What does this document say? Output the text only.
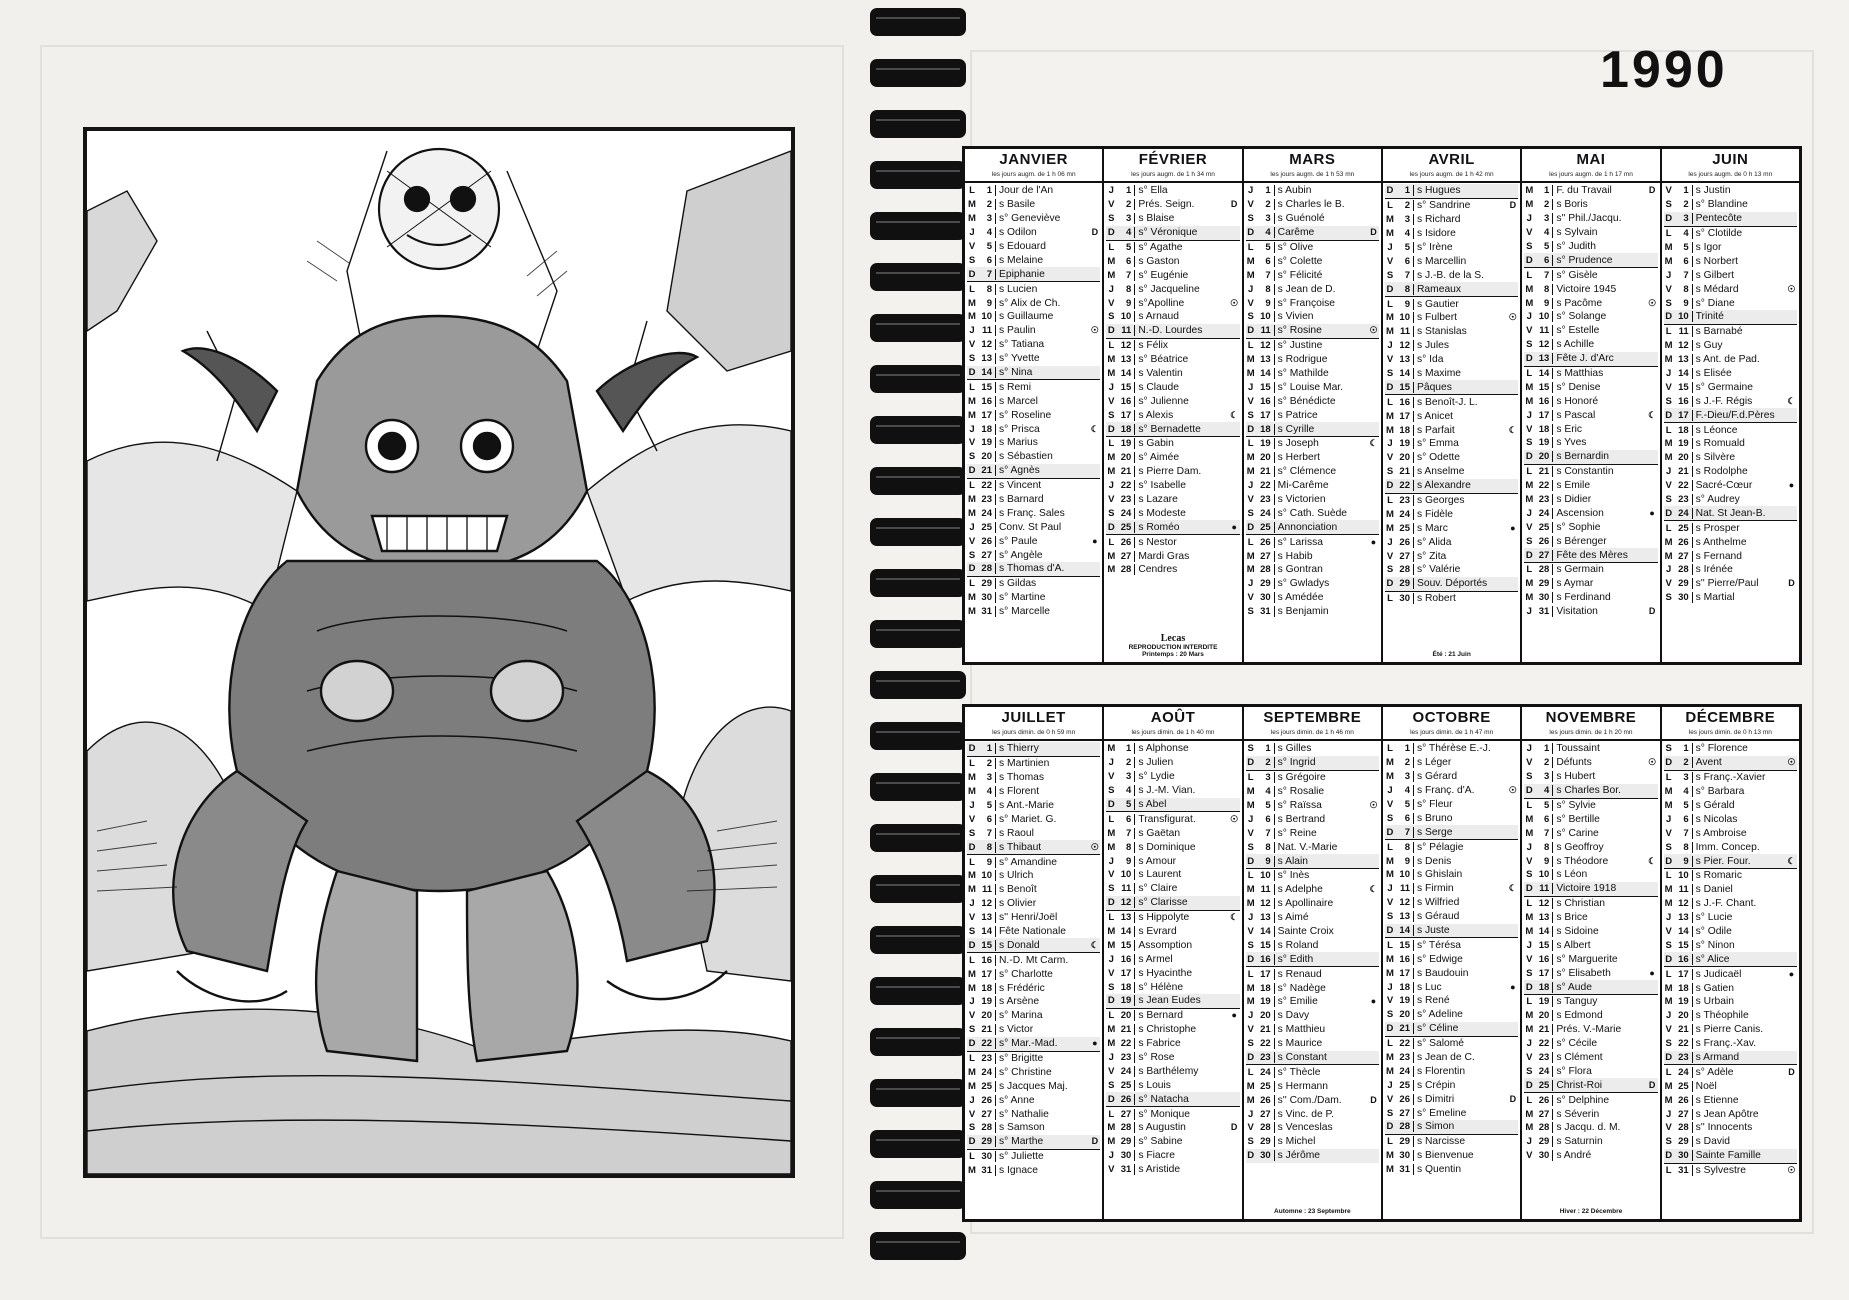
1990
JANVIER
les jours augm. de 1 h 06 mn
L	1 Jour de l'An
M	2 s Basile
M	3 s° Geneviève
J	4 s Odilon	D
V	5 s Édouard
S	6 s Melaine
D	7 Épiphanie
L	8 s Lucien
M	9 s° Alix de Ch.
M 10 s Guillaume
J 11 s Paulin	☉
V 12 s° Tatiana
S 13 s° Yvette
D 14 s° Nina
L 15 s Remi
M 16 s Marcel
M 17 s° Roseline
J 18 s° Prisca	☾
V 19 s Marius
S 20 s Sébastien
D 21 s° Agnès
L 22 s Vincent
M 23 s Barnard
M 24 s Franç. Sales
J 25 Conv. St Paul
V 26 s° Paule	●
S 27 s° Angèle
D 28 s Thomas d'A.
L 29 s Gildas
M 30 s° Martine
M 31 s° Marcelle
FÉVRIER
les jours augm. de 1 h 34 mn
J	1 s° Ella
V	2 Prés. Seign.	D
S	3 s Blaise
D	4 s° Véronique
L	5 s° Agathe
M	6 s Gaston
M	7 s° Eugénie
J	8 s° Jacqueline
V	9 s°Apolline	☉
S 10 s Arnaud
D 11 N.-D. Lourdes
L 12 s Félix
M 13 s° Béatrice
M 14 s Valentin
J 15 s Claude
V 16 s° Julienne
S 17 s Alexis	☾
D 18 s° Bernadette
L 19 s Gabin
M 20 s° Aimée
M 21 s Pierre Dam.
J 22 s° Isabelle
V 23 s Lazare
S 24 s Modeste
D 25 s Roméo	●
L 26 s Nestor
M 27 Mardi Gras
M 28 Cendres
Lecas
REPRODUCTION INTERDITE
Printemps : 20 Mars
MARS
les jours augm. de 1 h 53 mn
J	1 s Aubin
V	2 s Charles le B.
S	3 s Guénolé
D	4 Carême	D
L	5 s° Olive
M	6 s° Colette
M	7 s° Félicité
J	8 s Jean de D.
V	9 s° Françoise
S 10 s Vivien
D 11 s° Rosine	☉
L 12 s° Justine
M 13 s Rodrigue
M 14 s° Mathilde
J 15 s° Louise Mar.
V 16 s° Bénédicte
S 17 s Patrice
D 18 s Cyrille
L 19 s Joseph	☾
M 20 s Herbert
M 21 s° Clémence
J 22 Mi-Carême
V 23 s Victorien
S 24 s° Cath. Suède
D 25 Annonciation
L 26 s° Larissa	●
M 27 s Habib
M 28 s Gontran
J 29 s° Gwladys
V 30 s Amédée
S 31 s Benjamin
AVRIL
les jours augm. de 1 h 42 mn
D	1 s Hugues
L	2 s° Sandrine	D
M	3 s Richard
M	4 s Isidore
J	5 s° Irène
V	6 s Marcellin
S	7 s J.-B. de la S.
D	8 Rameaux
L	9 s Gautier
M 10 s Fulbert	☉
M 11 s Stanislas
J 12 s Jules
V 13 s° Ida
S 14 s Maxime
D 15 Pâques
L 16 s Benoît-J. L.
M 17 s Anicet
M 18 s Parfait	☾
J 19 s° Emma
V 20 s° Odette
S 21 s Anselme
D 22 s Alexandre
L 23 s Georges
M 24 s Fidèle
M 25 s Marc	●
J 26 s° Alida
V 27 s° Zita
S 28 s° Valérie
D 29 Souv. Déportés
L 30 s Robert
Été : 21 Juin
MAI
les jours augm. de 1 h 17 mn
M	1 F. du Travail	D
M	2 s Boris
J	3 s'' Phil./Jacqu.
V	4 s Sylvain
S	5 s° Judith
D	6 s° Prudence
L	7 s° Gisèle
M	8 Victoire 1945
M	9 s Pacôme	☉
J 10 s° Solange
V 11 s° Estelle
S 12 s Achille
D 13 Fête J. d'Arc
L 14 s Matthias
M 15 s° Denise
M 16 s Honoré
J 17 s Pascal	☾
V 18 s Éric
S 19 s Yves
D 20 s Bernardin
L 21 s Constantin
M 22 s Émile
M 23 s Didier
J 24 Ascension	●
V 25 s° Sophie
S 26 s Bérenger
D 27 Fête des Mères
L 28 s Germain
M 29 s Aymar
M 30 s Ferdinand
J 31 Visitation	D
JUIN
les jours augm. de 0 h 13 mn
V	1 s Justin
S	2 s° Blandine
D	3 Pentecôte
L	4 s° Clotilde
M	5 s Igor
M	6 s Norbert
J	7 s Gilbert
V	8 s Médard	☉
S	9 s° Diane
D 10 Trinité
L 11 s Barnabé
M 12 s Guy
M 13 s Ant. de Pad.
J 14 s Élisée
V 15 s° Germaine
S 16 s J.-F. Régis	☾
D 17 F.-Dieu/F.d.Pères
L 18 s Léonce
M 19 s Romuald
M 20 s Silvère
J 21 s Rodolphe
V 22 Sacré-Cœur	●
S 23 s° Audrey
D 24 Nat. St Jean-B.
L 25 s Prosper
M 26 s Anthelme
M 27 s Fernand
J 28 s Irénée
V 29 s'' Pierre/Paul	D
S 30 s Martial
JUILLET
les jours dimin. de 0 h 59 mn
D	1 s Thierry
L	2 s Martinien
M	3 s Thomas
M	4 s Florent
J	5 s Ant.-Marie
V	6 s° Mariet. G.
S	7 s Raoul
D	8 s Thibaut	☉
L	9 s° Amandine
M 10 s Ulrich
M 11 s Benoît
J 12 s Olivier
V 13 s'' Henri/Joël
S 14 Fête Nationale
D 15 s Donald	☾
L 16 N.-D. Mt Carm.
M 17 s° Charlotte
M 18 s Frédéric
J 19 s Arsène
V 20 s° Marina
S 21 s Victor
D 22 s° Mar.-Mad.	●
L 23 s° Brigitte
M 24 s° Christine
M 25 s Jacques Maj.
J 26 s° Anne
V 27 s° Nathalie
S 28 s Samson
D 29 s° Marthe	D
L 30 s° Juliette
M 31 s Ignace
AOÛT
les jours dimin. de 1 h 40 mn
M	1 s Alphonse
J	2 s Julien
V	3 s° Lydie
S	4 s J.-M. Vian.
D	5 s Abel
L	6 Transfigurat.	☉
M	7 s Gaëtan
M	8 s Dominique
J	9 s Amour
V 10 s Laurent
S 11 s° Claire
D 12 s° Clarisse
L 13 s Hippolyte	☾
M 14 s Evrard
M 15 Assomption
J 16 s Armel
V 17 s Hyacinthe
S 18 s° Hélène
D 19 s Jean Eudes
L 20 s Bernard	●
M 21 s Christophe
M 22 s Fabrice
J 23 s° Rose
V 24 s Barthélemy
S 25 s Louis
D 26 s° Natacha
L 27 s° Monique
M 28 s Augustin	D
M 29 s° Sabine
J 30 s Fiacre
V 31 s Aristide
SEPTEMBRE
les jours dimin. de 1 h 46 mn
S	1 s Gilles
D	2 s° Ingrid
L	3 s Grégoire
M	4 s° Rosalie
M	5 s° Raïssa	☉
J	6 s Bertrand
V	7 s° Reine
S	8 Nat. V.-Marie
D	9 s Alain
L 10 s° Inès
M 11 s Adelphe	☾
M 12 s Apollinaire
J 13 s Aimé
V 14 Sainte Croix
S 15 s Roland
D 16 s° Édith
L 17 s Renaud
M 18 s° Nadège
M 19 s° Émilie	●
J 20 s Davy
V 21 s Matthieu
S 22 s Maurice
D 23 s Constant
L 24 s° Thècle
M 25 s Hermann
M 26 s'' Com./Dam.	D
J 27 s Vinc. de P.
V 28 s Venceslas
S 29 s Michel
D 30 s Jérôme
Automne : 23 Septembre
OCTOBRE
les jours dimin. de 1 h 47 mn
L	1 s° Thérèse E.-J.
M	2 s Léger
M	3 s Gérard
J	4 s Franç. d'A.	☉
V	5 s° Fleur
S	6 s Bruno
D	7 s Serge
L	8 s° Pélagie
M	9 s Denis
M 10 s Ghislain
J 11 s Firmin	☾
V 12 s Wilfried
S 13 s Géraud
D 14 s Juste
L 15 s° Térésa
M 16 s° Edwige
M 17 s Baudouin
J 18 s Luc	●
V 19 s René
S 20 s° Adeline
D 21 s° Céline
L 22 s° Salomé
M 23 s Jean de C.
M 24 s Florentin
J 25 s Crépin
V 26 s Dimitri	D
S 27 s° Émeline
D 28 s Simon
L 29 s Narcisse
M 30 s Bienvenue
M 31 s Quentin
NOVEMBRE
les jours dimin. de 1 h 20 mn
J	1 Toussaint
V	2 Défunts	☉
S	3 s Hubert
D	4 s Charles Bor.
L	5 s° Sylvie
M	6 s° Bertille
M	7 s° Carine
J	8 s Geoffroy
V	9 s Théodore	☾
S 10 s Léon
D 11 Victoire 1918
L 12 s Christian
M 13 s Brice
M 14 s Sidoine
J 15 s Albert
V 16 s° Marguerite
S 17 s° Élisabeth	●
D 18 s° Aude
L 19 s Tanguy
M 20 s Edmond
M 21 Prés. V.-Marie
J 22 s° Cécile
V 23 s Clément
S 24 s° Flora
D 25 Christ-Roi	D
L 26 s° Delphine
M 27 s Séverin
M 28 s Jacqu. d. M.
J 29 s Saturnin
V 30 s André
Hiver : 22 Décembre
DÉCEMBRE
les jours dimin. de 0 h 13 mn
S	1 s° Florence
D	2 Avent	☉
L	3 s Franç.-Xavier
M	4 s° Barbara
M	5 s Gérald
J	6 s Nicolas
V	7 s Ambroise
S	8 Imm. Concep.
D	9 s Pier. Four.	☾
L 10 s Romaric
M 11 s Daniel
M 12 s J.-F. Chant.
J 13 s° Lucie
V 14 s° Odile
S 15 s° Ninon
D 16 s° Alice
L 17 s Judicaël	●
M 18 s Gatien
M 19 s Urbain
J 20 s Théophile
V 21 s Pierre Canis.
S 22 s Franç.-Xav.
D 23 s Armand
L 24 s° Adèle	D
M 25 Noël
M 26 s Étienne
J 27 s Jean Apôtre
V 28 s'' Innocents
S 29 s David
D 30 Sainte Famille
L 31 s Sylvestre	☉
